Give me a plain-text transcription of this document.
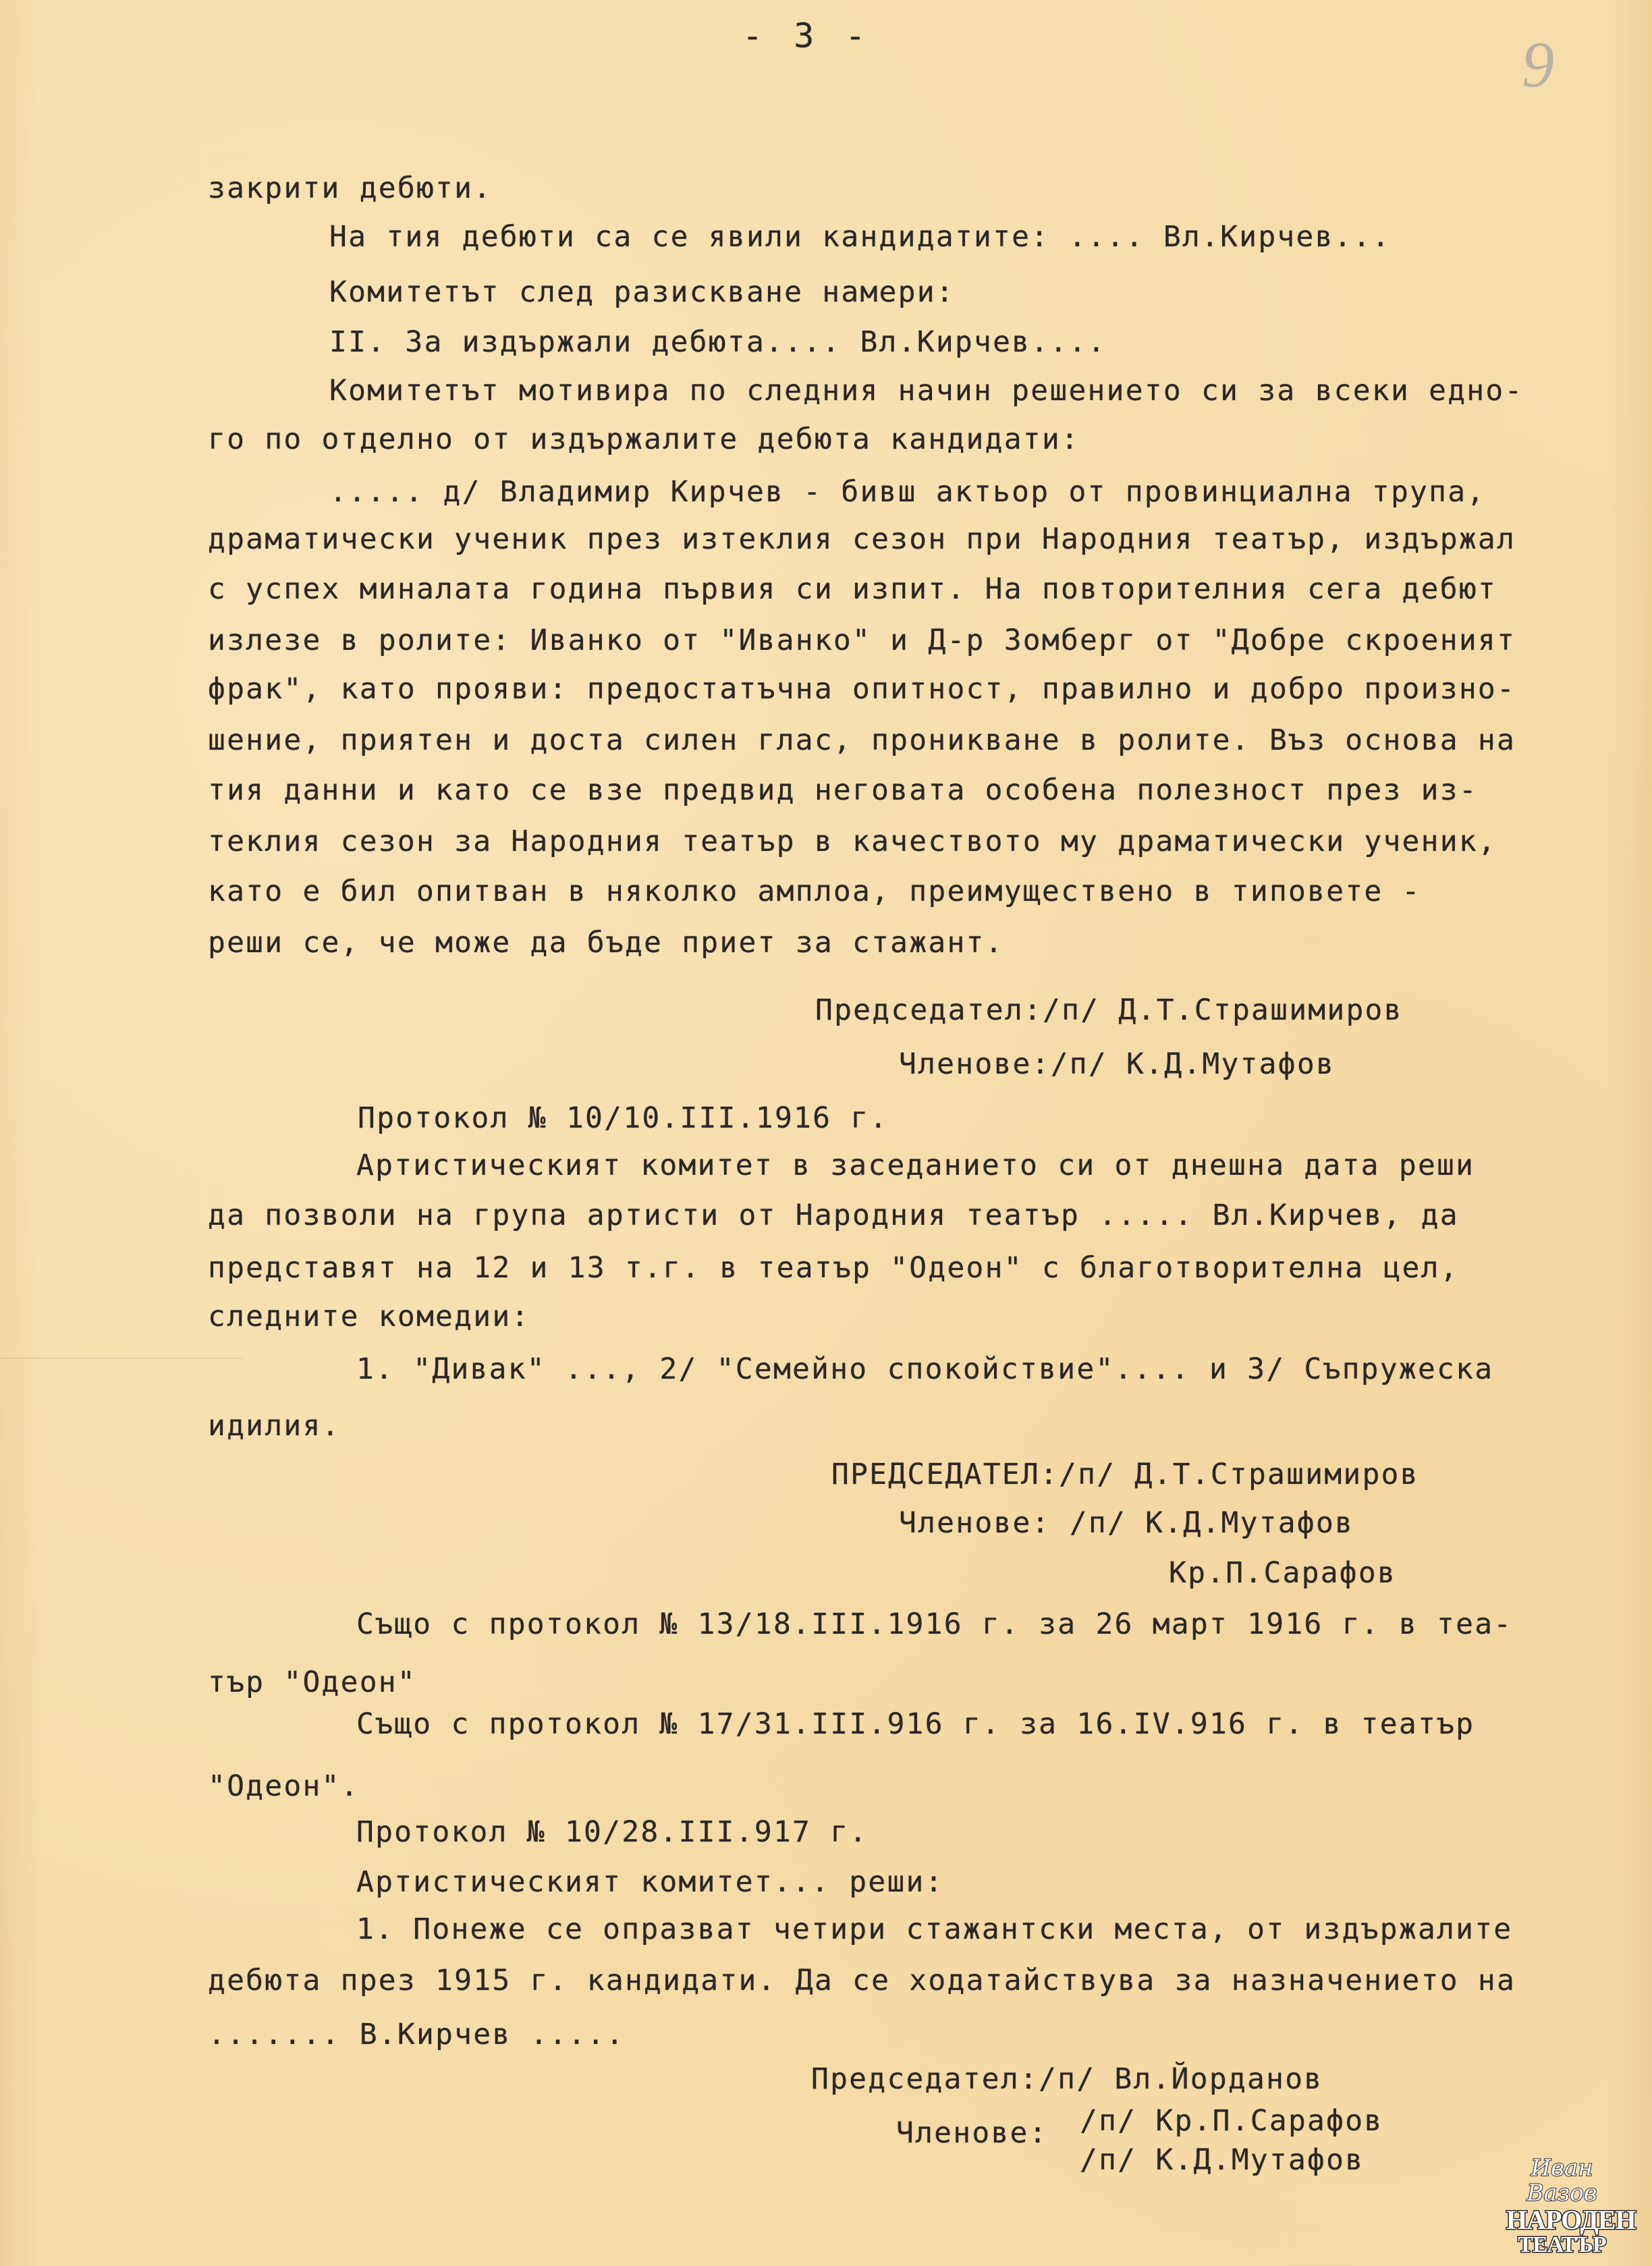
- 3 -	9
закрити дебюти.
На тия дебюти са се явили кандидатите: .... Вл.Кирчев...
Комитетът след разискване намери:
II. За издържали дебюта.... Вл.Кирчев....
Комитетът мотивира по следния начин решението си за всеки едно-
го по отделно от издържалите дебюта кандидати:
..... д/ Владимир Кирчев - бивш актьор от провинциална трупа,
драматически ученик през изтеклия сезон при Народния театър, издържал
с успех миналата година първия си изпит. На повторителния сега дебют
излезе в ролите: Иванко от "Иванко" и Д-р Зомберг от "Добре скроеният
фрак", като прояви: предостатъчна опитност, правилно и добро произно-
шение, приятен и доста силен глас, проникване в ролите. Въз основа на
тия данни и като се взе предвид неговата особена полезност през из-
теклия сезон за Народния театър в качеството му драматически ученик,
като е бил опитван в няколко амплоа, преимуществено в типовете -
реши се, че може да бъде приет за стажант.
Председател:/п/ Д.Т.Страшимиров
Членове:/п/ К.Д.Мутафов
Протокол № 10/10.III.1916 г.
Артистическият комитет в заседанието си от днешна дата реши
да позволи на група артисти от Народния театър ..... Вл.Кирчев, да
представят на 12 и 13 т.г. в театър "Одеон" с благотворителна цел,
следните комедии:
1. "Дивак" ..., 2/ "Семейно спокойствие".... и 3/ Съпружеска
идилия.
ПРЕДСЕДАТЕЛ:/п/ Д.Т.Страшимиров
Членове: /п/ К.Д.Мутафов
Кр.П.Сарафов
Също с протокол № 13/18.III.1916 г. за 26 март 1916 г. в теа-
тър "Одеон"
Също с протокол № 17/31.III.916 г. за 16.IV.916 г. в театър
"Одеон".
Протокол № 10/28.III.917 г.
Артистическият комитет... реши:
1. Понеже се опразват четири стажантски места, от издържалите
дебюта през 1915 г. кандидати. Да се ходатайствува за назначението на
....... В.Кирчев .....
Председател:/п/ Вл.Йорданов
Членове: /п/ Кр.П.Сарафов
/п/ К.Д.Мутафов	Иван Вазов
НАРОДЕН
ТЕАТЪР
